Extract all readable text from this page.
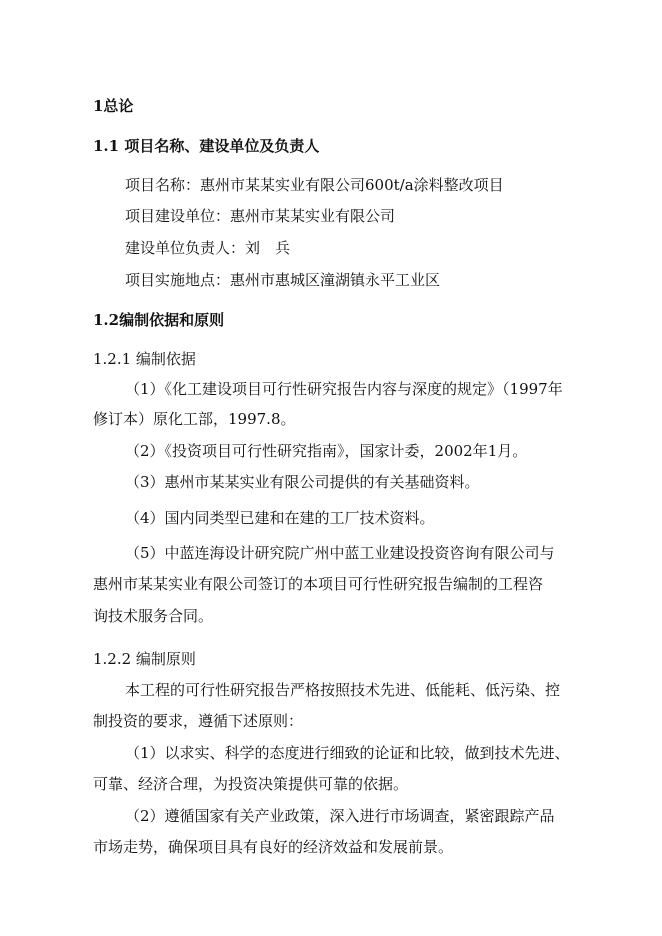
1总论
1.1 项目名称、建设单位及负责人
项目名称：惠州市某某实业有限公司600t/a涂料整改项目
项目建设单位：惠州市某某实业有限公司
建设单位负责人：刘　兵
项目实施地点：惠州市惠城区潼湖镇永平工业区
1.2编制依据和原则
1.2.1 编制依据
（1）《化工建设项目可行性研究报告内容与深度的规定》（1997年
修订本）原化工部，1997.8。
（2）《投资项目可行性研究指南》，国家计委，2002年1月。
（3）惠州市某某实业有限公司提供的有关基础资料。
（4）国内同类型已建和在建的工厂技术资料。
（5）中蓝连海设计研究院广州中蓝工业建设投资咨询有限公司与
惠州市某某实业有限公司签订的本项目可行性研究报告编制的工程咨
询技术服务合同。
1.2.2 编制原则
本工程的可行性研究报告严格按照技术先进、低能耗、低污染、控
制投资的要求，遵循下述原则：
（1）以求实、科学的态度进行细致的论证和比较，做到技术先进、
可靠、经济合理，为投资决策提供可靠的依据。
（2）遵循国家有关产业政策，深入进行市场调查，紧密跟踪产品
市场走势，确保项目具有良好的经济效益和发展前景。
